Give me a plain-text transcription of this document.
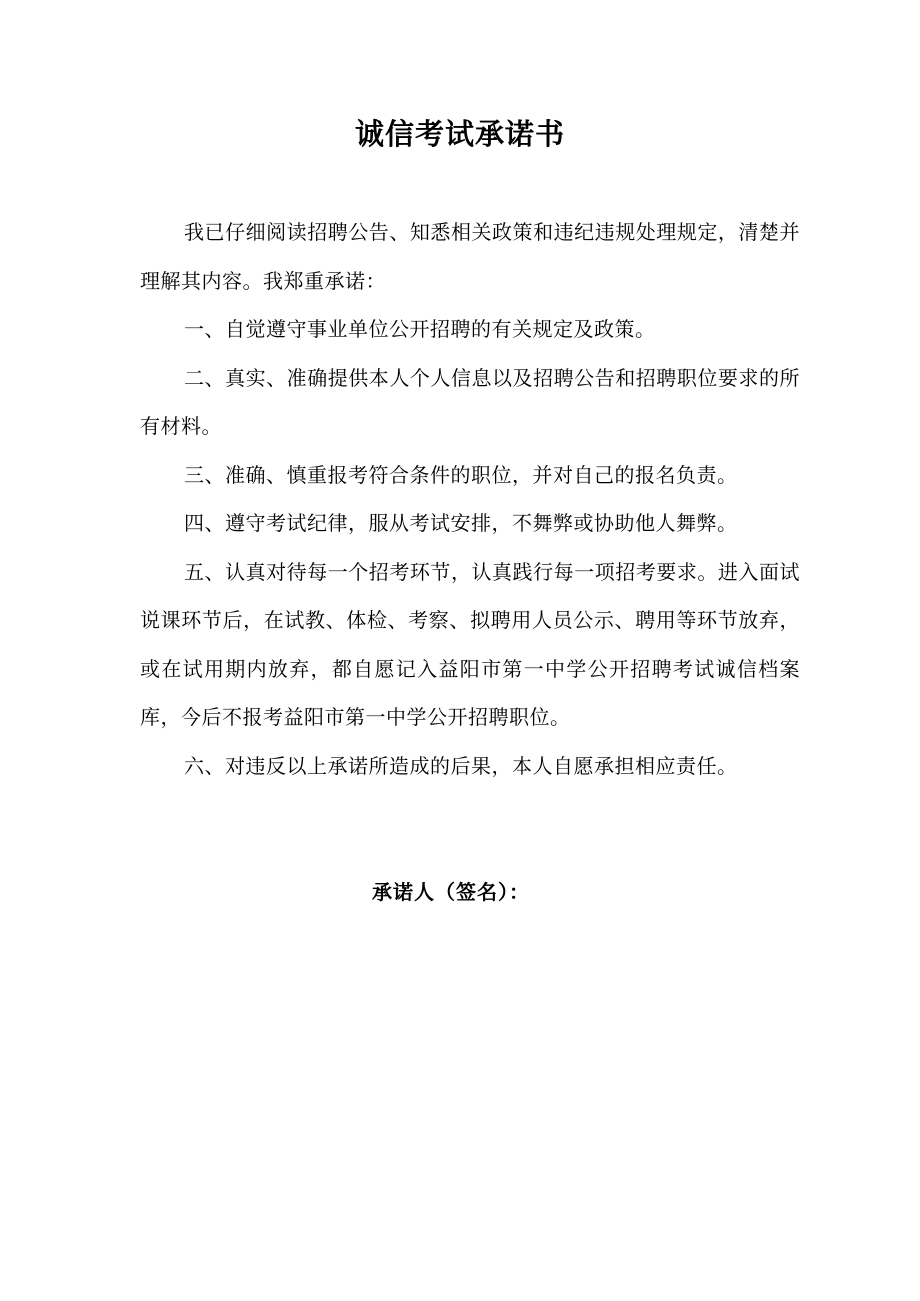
诚信考试承诺书

我已仔细阅读招聘公告、知悉相关政策和违纪违规处理规定，清楚并理解其内容。我郑重承诺：

一、自觉遵守事业单位公开招聘的有关规定及政策。

二、真实、准确提供本人个人信息以及招聘公告和招聘职位要求的所有材料。

三、准确、慎重报考符合条件的职位，并对自己的报名负责。

四、遵守考试纪律，服从考试安排，不舞弊或协助他人舞弊。

五、认真对待每一个招考环节，认真践行每一项招考要求。进入面试说课环节后，在试教、体检、考察、拟聘用人员公示、聘用等环节放弃，或在试用期内放弃，都自愿记入益阳市第一中学公开招聘考试诚信档案库，今后不报考益阳市第一中学公开招聘职位。

六、对违反以上承诺所造成的后果，本人自愿承担相应责任。

承诺人（签名）：
